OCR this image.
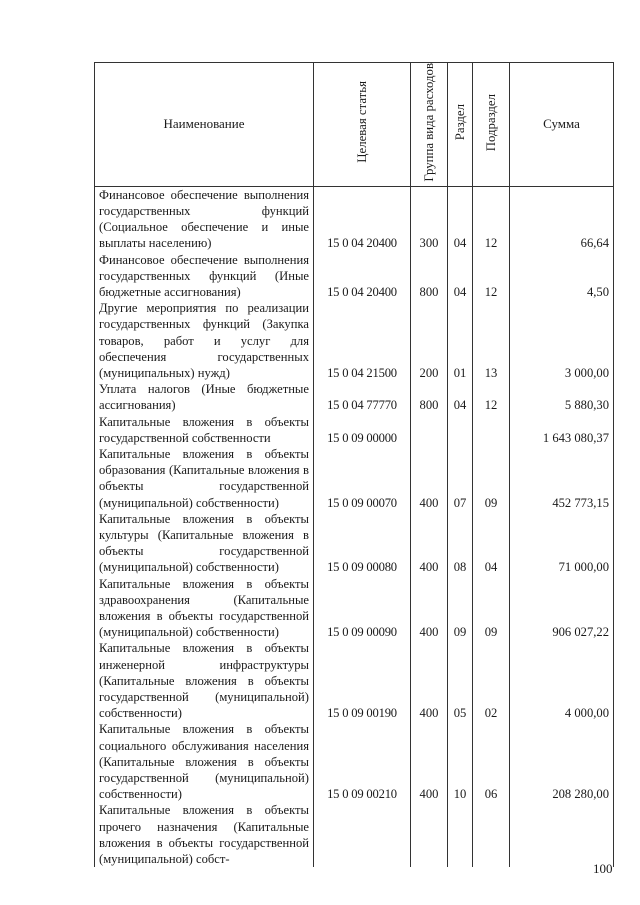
Наименование	Целевая статья	Группа вида расходов	Раздел	Подраздел	Сумма
Финансовое обеспечение выполнения государственных функций (Социальное обеспечение и иные выплаты населению)	15 0 04 20400	300	04	12	66,64
Финансовое обеспечение выполнения государственных функций (Иные бюджетные ассигнования)	15 0 04 20400	800	04	12	4,50
Другие мероприятия по реализации государственных функций (Закупка товаров, работ и услуг для обеспечения государственных (муниципальных) нужд)	15 0 04 21500	200	01	13	3 000,00
Уплата налогов (Иные бюджетные ассигнования)	15 0 04 77770	800	04	12	5 880,30
Капитальные вложения в объекты государственной собственности	15 0 09 00000				1 643 080,37
Капитальные вложения в объекты образования (Капитальные вложения в объекты государственной (муниципальной) собственности)	15 0 09 00070	400	07	09	452 773,15
Капитальные вложения в объекты культуры (Капитальные вложения в объекты государственной (муниципальной) собственности)	15 0 09 00080	400	08	04	71 000,00
Капитальные вложения в объекты здравоохранения (Капитальные вложения в объекты государственной (муниципальной) собственности)	15 0 09 00090	400	09	09	906 027,22
Капитальные вложения в объекты инженерной инфраструктуры (Капитальные вложения в объекты государственной (муниципальной) собственности)	15 0 09 00190	400	05	02	4 000,00
Капитальные вложения в объекты социального обслуживания населения (Капитальные вложения в объекты государственной (муниципальной) собственности)	15 0 09 00210	400	10	06	208 280,00
Капитальные вложения в объекты прочего назначения (Капитальные вложения в объекты государственной (муниципальной) собст-					
100
